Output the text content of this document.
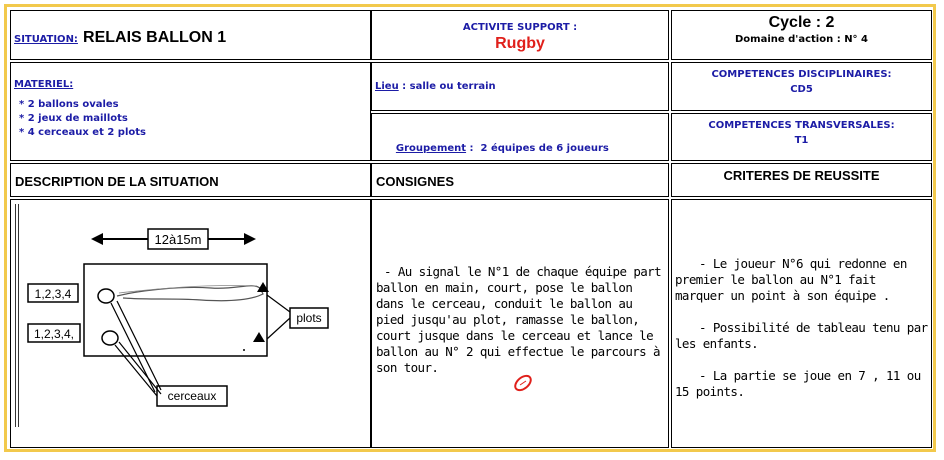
SITUATION: RELAIS BALLON 1
ACTIVITE SUPPORT :
Rugby
Cycle : 2
Domaine d'action : N° 4
MATERIEL:
* 2 ballons ovales
* 2 jeux de maillots
* 4 cerceaux et 2 plots
Lieu : salle ou terrain

Groupement :  2 équipes de 6 joueurs

COMPETENCES DISCIPLINAIRES:
CD5
COMPETENCES TRANSVERSALES:
T1
DESCRIPTION DE LA SITUATION	CONSIGNES	CRITERES DE REUSSITE
12à15m
1,2,3,4
1,2,3,4,
plots
cerceaux
- Au signal le N°1 de chaque équipe part ballon en main, court, pose le ballon dans le cerceau, conduit le ballon au pied jusqu'au plot, ramasse le ballon, court jusque dans le cerceau et lance le ballon au N° 2 qui effectue le parcours à son tour.
- Le joueur N°6 qui redonne en premier le ballon au N°1 fait marquer un point à son équipe .
- Possibilité de tableau tenu par les enfants.
- La partie se joue en 7 , 11 ou 15 points.
